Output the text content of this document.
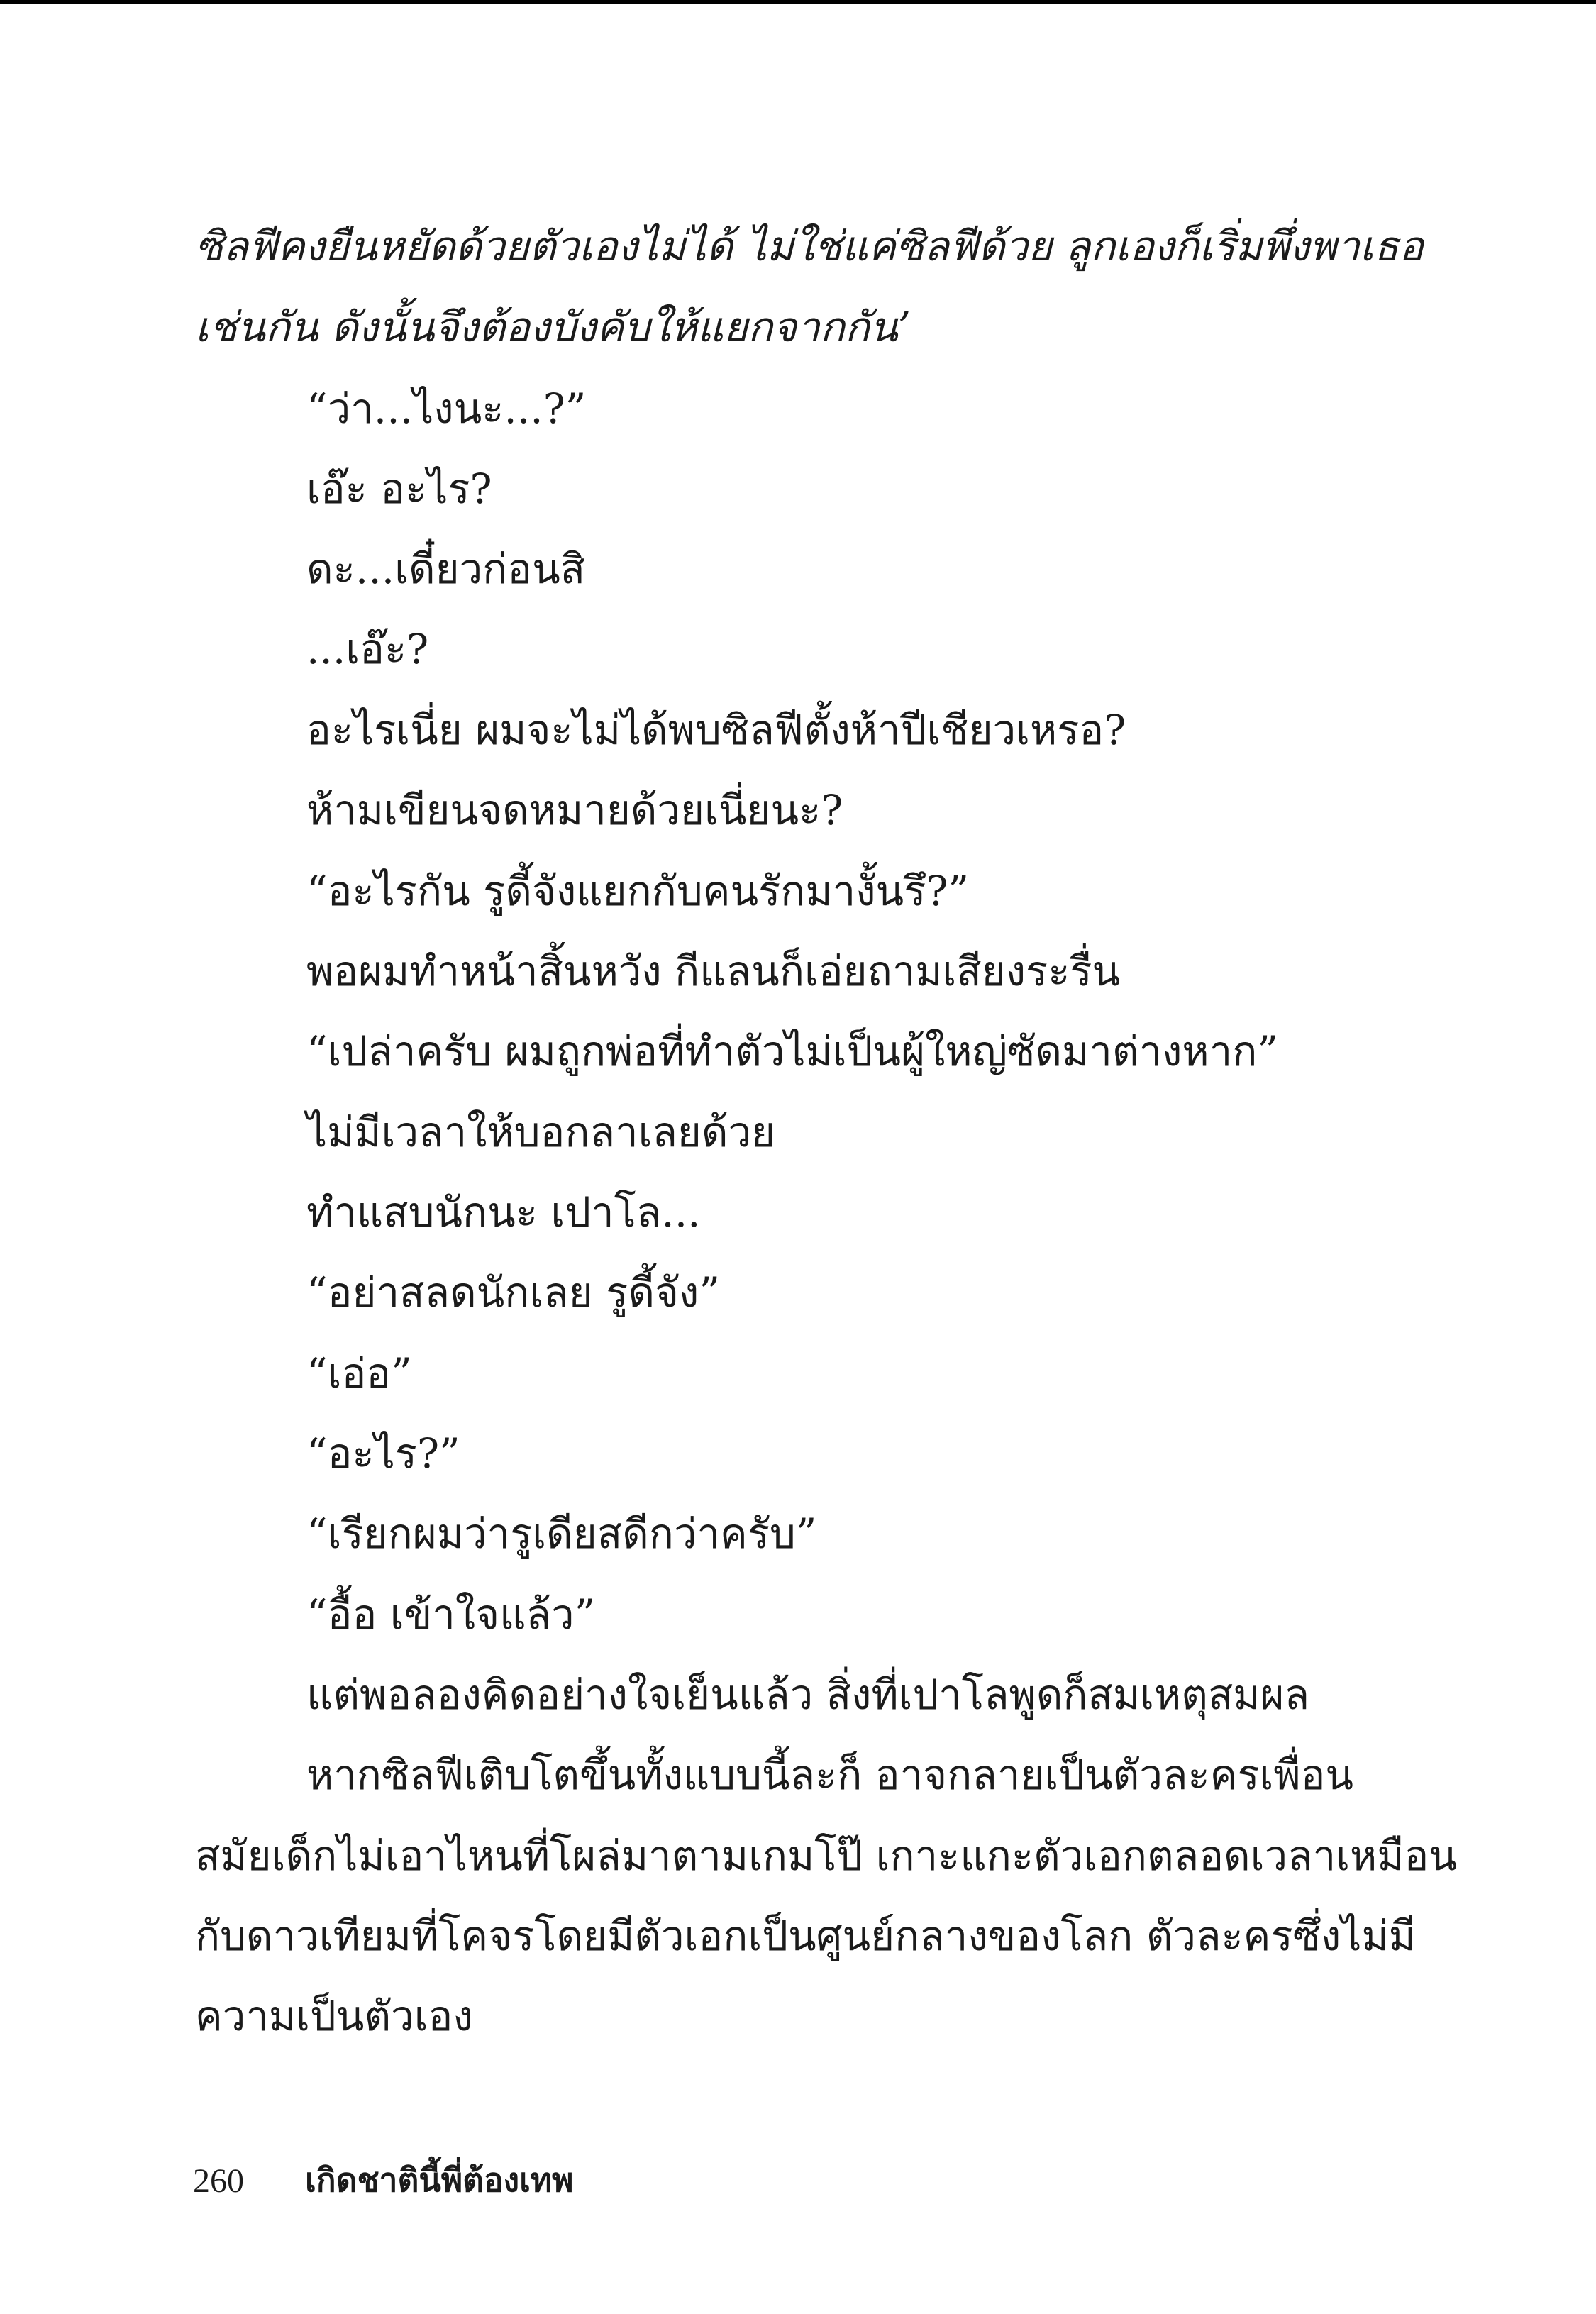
ซิลฟีคงยืนหยัดด้วยตัวเองไม่ได้ ไม่ใช่แค่ซิลฟีด้วย ลูกเองก็เริ่มพึ่งพาเธอ
เช่นกัน ดังนั้นจึงต้องบังคับให้แยกจากกัน’
“ว่า...ไงนะ...?”
เอ๊ะ อะไร?
ดะ...เดี๋ยวก่อนสิ
...เอ๊ะ?
อะไรเนี่ย ผมจะไม่ได้พบซิลฟีตั้งห้าปีเชียวเหรอ?
ห้ามเขียนจดหมายด้วยเนี่ยนะ?
“อะไรกัน รูดี้จังแยกกับคนรักมางั้นรึ?”
พอผมทำหน้าสิ้นหวัง กีแลนก็เอ่ยถามเสียงระรื่น
“เปล่าครับ ผมถูกพ่อที่ทำตัวไม่เป็นผู้ใหญ่ซัดมาต่างหาก”
ไม่มีเวลาให้บอกลาเลยด้วย
ทำแสบนักนะ เปาโล...
“อย่าสลดนักเลย รูดี้จัง”
“เอ่อ”
“อะไร?”
“เรียกผมว่ารูเดียสดีกว่าครับ”
“อื้อ เข้าใจแล้ว”
แต่พอลองคิดอย่างใจเย็นแล้ว สิ่งที่เปาโลพูดก็สมเหตุสมผล
หากซิลฟีเติบโตขึ้นทั้งแบบนี้ละก็ อาจกลายเป็นตัวละครเพื่อน
สมัยเด็กไม่เอาไหนที่โผล่มาตามเกมโป๊ เกาะแกะตัวเอกตลอดเวลาเหมือน
กับดาวเทียมที่โคจรโดยมีตัวเอกเป็นศูนย์กลางของโลก ตัวละครซึ่งไม่มี
ความเป็นตัวเอง
260 เกิดชาตินี้พี่ต้องเทพ
